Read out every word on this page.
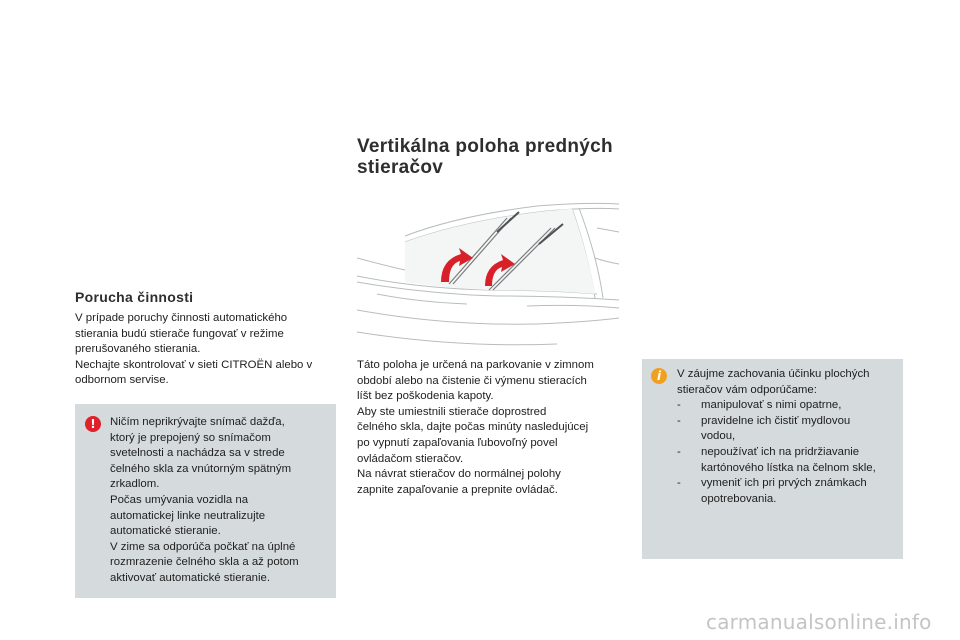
Vertikálna poloha predných
stieračov
Porucha činnosti
V prípade poruchy činnosti automatického
stierania budú stierače fungovať v režime
prerušovaného stierania.
Nechajte skontrolovať v sieti CITROËN alebo v
odbornom servise.
!	Ničím neprikrývajte snímač dažďa,
ktorý je prepojený so snímačom
svetelnosti a nachádza sa v strede
čelného skla za vnútorným spätným
zrkadlom.
Počas umývania vozidla na
automatickej linke neutralizujte
automatické stieranie.
V zime sa odporúča počkať na úplné
rozmrazenie čelného skla a až potom
aktivovať automatické stieranie.
Táto poloha je určená na parkovanie v zimnom
období alebo na čistenie či výmenu stieracích
líšt bez poškodenia kapoty.
Aby ste umiestnili stierače doprostred
čelného skla, dajte počas minúty nasledujúcej
po vypnutí zapaľovania ľubovoľný povel
ovládačom stieračov.
Na návrat stieračov do normálnej polohy
zapnite zapaľovanie a prepnite ovládač.
i	V záujme zachovania účinku plochých
stieračov vám odporúčame:
-	manipulovať s nimi opatrne,
-	pravidelne ich čistiť mydlovou
vodou,
-	nepoužívať ich na pridržiavanie
kartónového lístka na čelnom skle,
-	vymeniť ich pri prvých známkach
opotrebovania.
carmanualsonline.info
